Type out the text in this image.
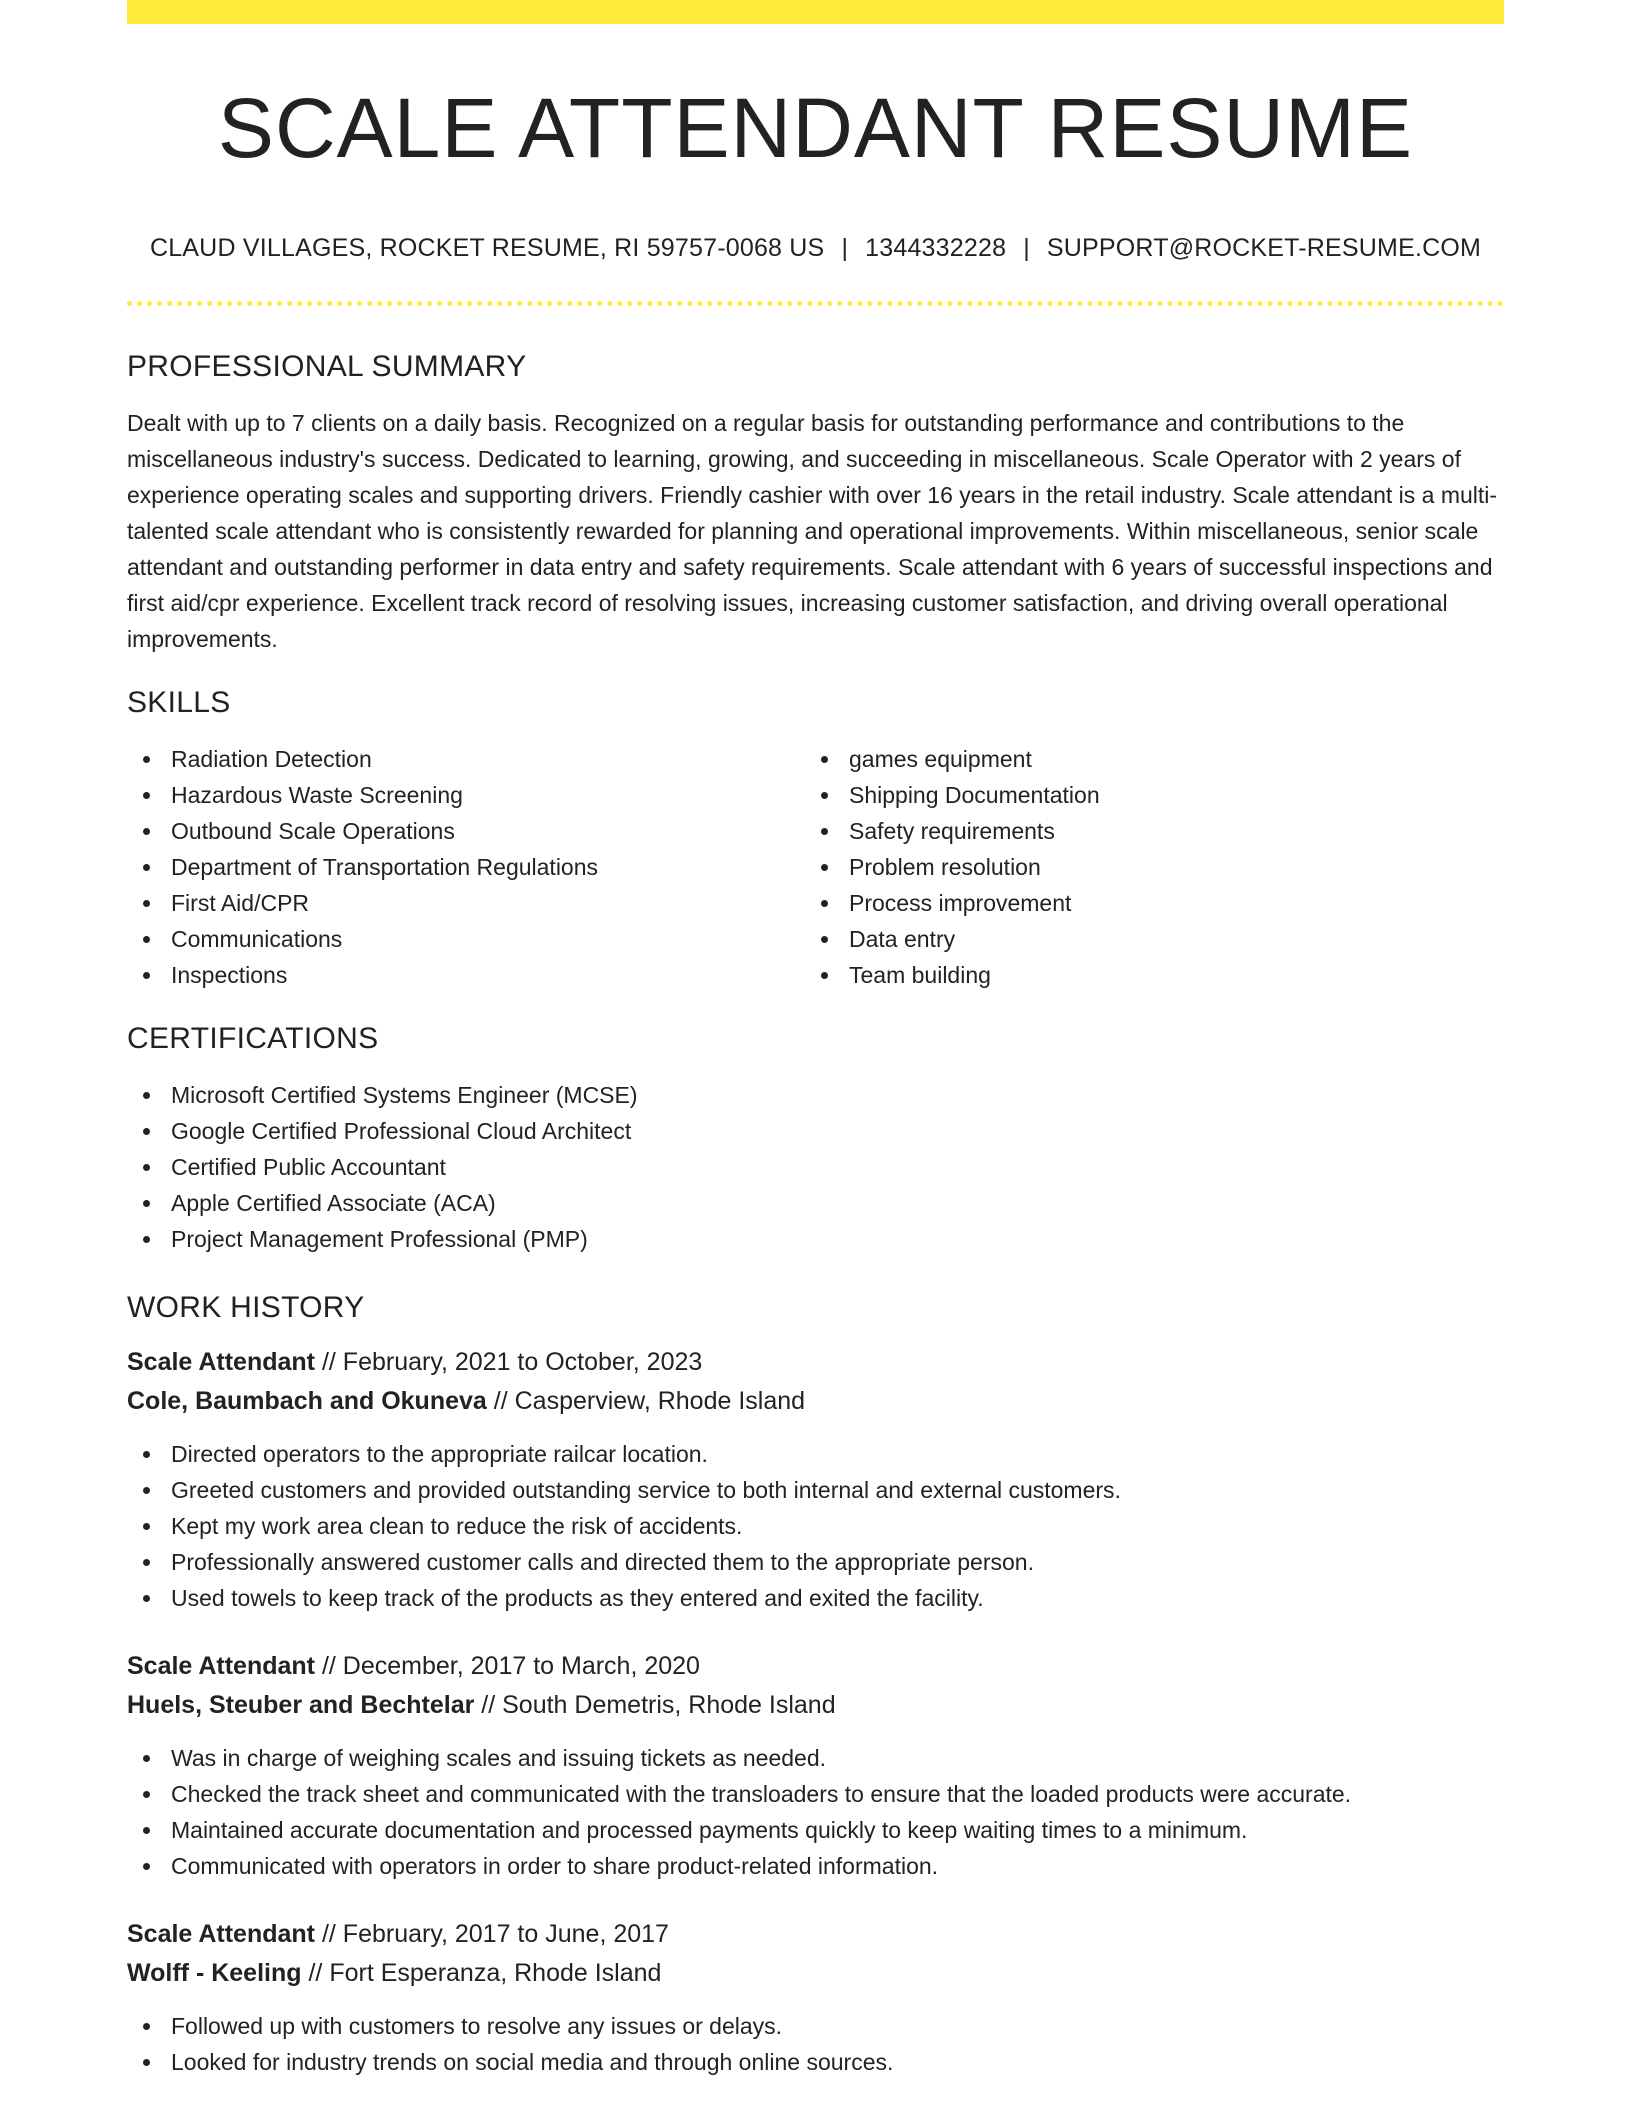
SCALE ATTENDANT RESUME
CLAUD VILLAGES, ROCKET RESUME, RI 59757-0068 US | 1344332228 | SUPPORT@ROCKET-RESUME.COM
PROFESSIONAL SUMMARY

Dealt with up to 7 clients on a daily basis. Recognized on a regular basis for outstanding performance and contributions to the miscellaneous industry's success. Dedicated to learning, growing, and succeeding in miscellaneous. Scale Operator with 2 years of experience operating scales and supporting drivers. Friendly cashier with over 16 years in the retail industry. Scale attendant is a multi-talented scale attendant who is consistently rewarded for planning and operational improvements. Within miscellaneous, senior scale attendant and outstanding performer in data entry and safety requirements. Scale attendant with 6 years of successful inspections and first aid/cpr experience. Excellent track record of resolving issues, increasing customer satisfaction, and driving overall operational improvements.

SKILLS
Radiation Detection
Hazardous Waste Screening
Outbound Scale Operations
Department of Transportation Regulations
First Aid/CPR
Communications
Inspections
games equipment
Shipping Documentation
Safety requirements
Problem resolution
Process improvement
Data entry
Team building
CERTIFICATIONS
Microsoft Certified Systems Engineer (MCSE)
Google Certified Professional Cloud Architect
Certified Public Accountant
Apple Certified Associate (ACA)
Project Management Professional (PMP)
WORK HISTORY
Scale Attendant // February, 2021 to October, 2023
Cole, Baumbach and Okuneva // Casperview, Rhode Island
Directed operators to the appropriate railcar location.
Greeted customers and provided outstanding service to both internal and external customers.
Kept my work area clean to reduce the risk of accidents.
Professionally answered customer calls and directed them to the appropriate person.
Used towels to keep track of the products as they entered and exited the facility.
Scale Attendant // December, 2017 to March, 2020
Huels, Steuber and Bechtelar // South Demetris, Rhode Island
Was in charge of weighing scales and issuing tickets as needed.
Checked the track sheet and communicated with the transloaders to ensure that the loaded products were accurate.
Maintained accurate documentation and processed payments quickly to keep waiting times to a minimum.
Communicated with operators in order to share product-related information.
Scale Attendant // February, 2017 to June, 2017
Wolff - Keeling // Fort Esperanza, Rhode Island
Followed up with customers to resolve any issues or delays.
Looked for industry trends on social media and through online sources.
